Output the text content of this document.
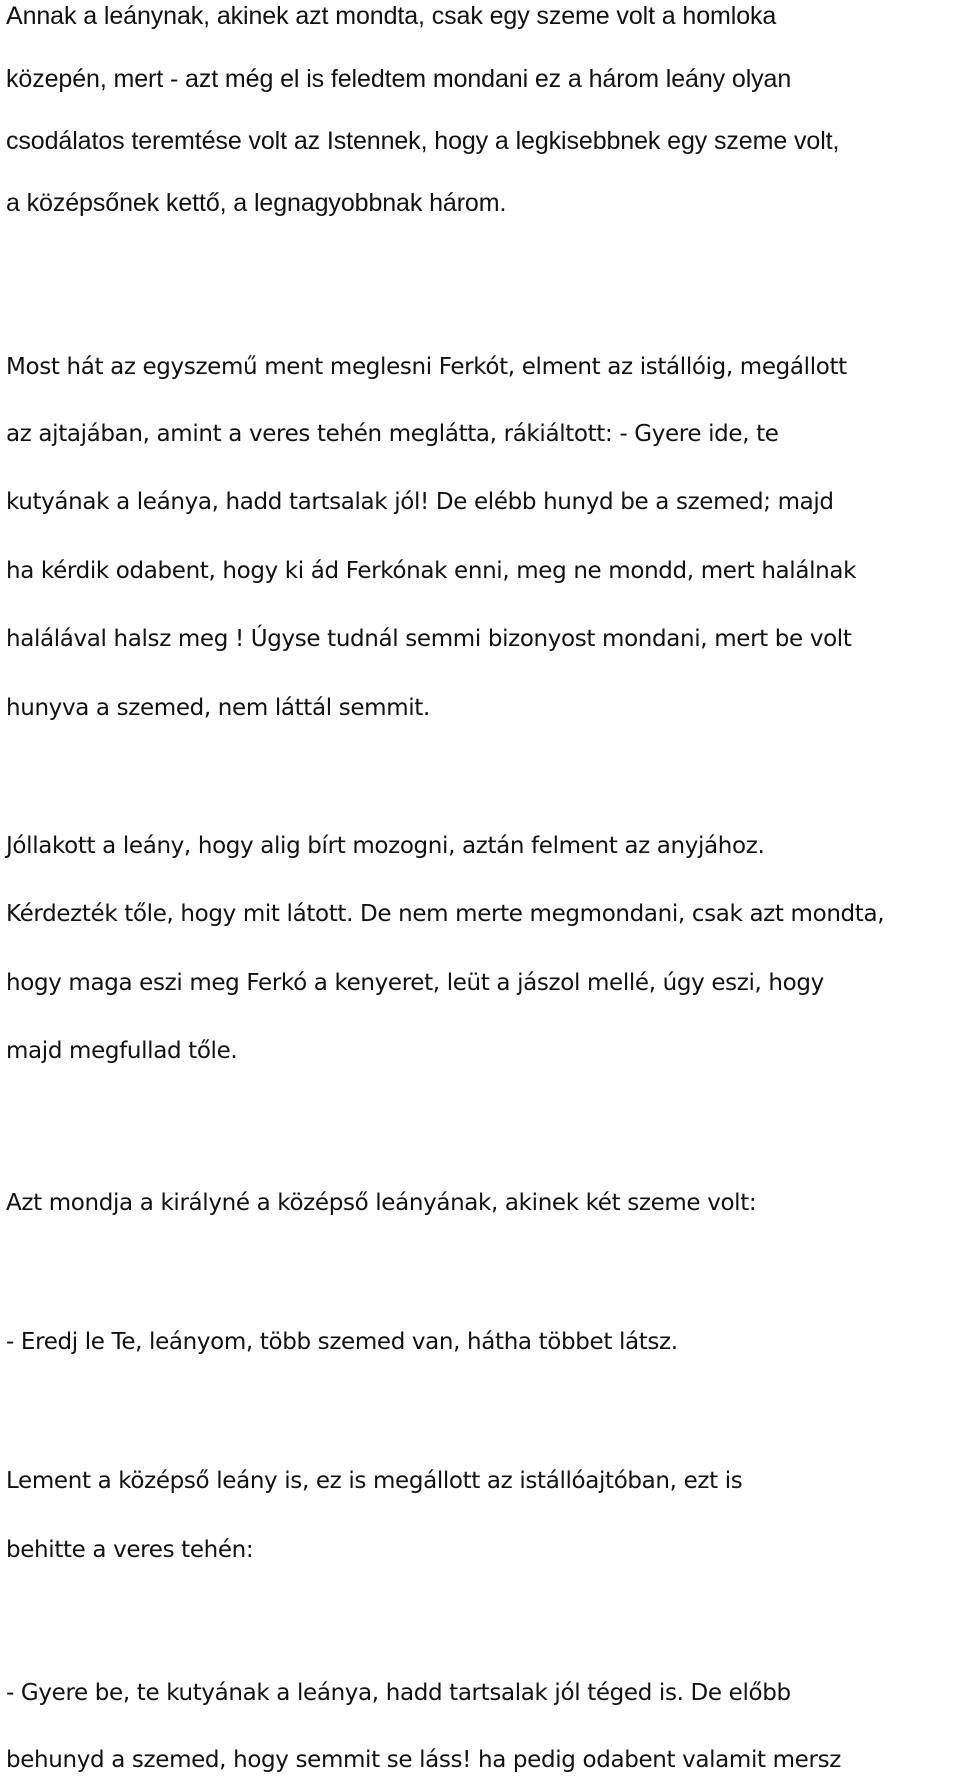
Annak a leánynak, akinek azt mondta, csak egy szeme volt a homloka
közepén, mert - azt még el is feledtem mondani ez a három leány olyan
csodálatos teremtése volt az Istennek, hogy a legkisebbnek egy szeme volt,
a középsőnek kettő, a legnagyobbnak három.
Most hát az egyszemű ment meglesni Ferkót, elment az istállóig, megállott
az ajtajában, amint a veres tehén meglátta, rákiáltott: - Gyere ide, te
kutyának a leánya, hadd tartsalak jól! De elébb hunyd be a szemed; majd
ha kérdik odabent, hogy ki ád Ferkónak enni, meg ne mondd, mert halálnak
halálával halsz meg ! Úgyse tudnál semmi bizonyost mondani, mert be volt
hunyva a szemed, nem láttál semmit.
Jóllakott a leány, hogy alig bírt mozogni, aztán felment az anyjához.
Kérdezték tőle, hogy mit látott. De nem merte megmondani, csak azt mondta,
hogy maga eszi meg Ferkó a kenyeret, leüt a jászol mellé, úgy eszi, hogy
majd megfullad tőle.
Azt mondja a királyné a középső leányának, akinek két szeme volt:
- Eredj le Te, leányom, több szemed van, hátha többet látsz.
Lement a középső leány is, ez is megállott az istállóajtóban, ezt is
behitte a veres tehén:
- Gyere be, te kutyának a leánya, hadd tartsalak jól téged is. De előbb
behunyd a szemed, hogy semmit se láss! ha pedig odabent valamit mersz
